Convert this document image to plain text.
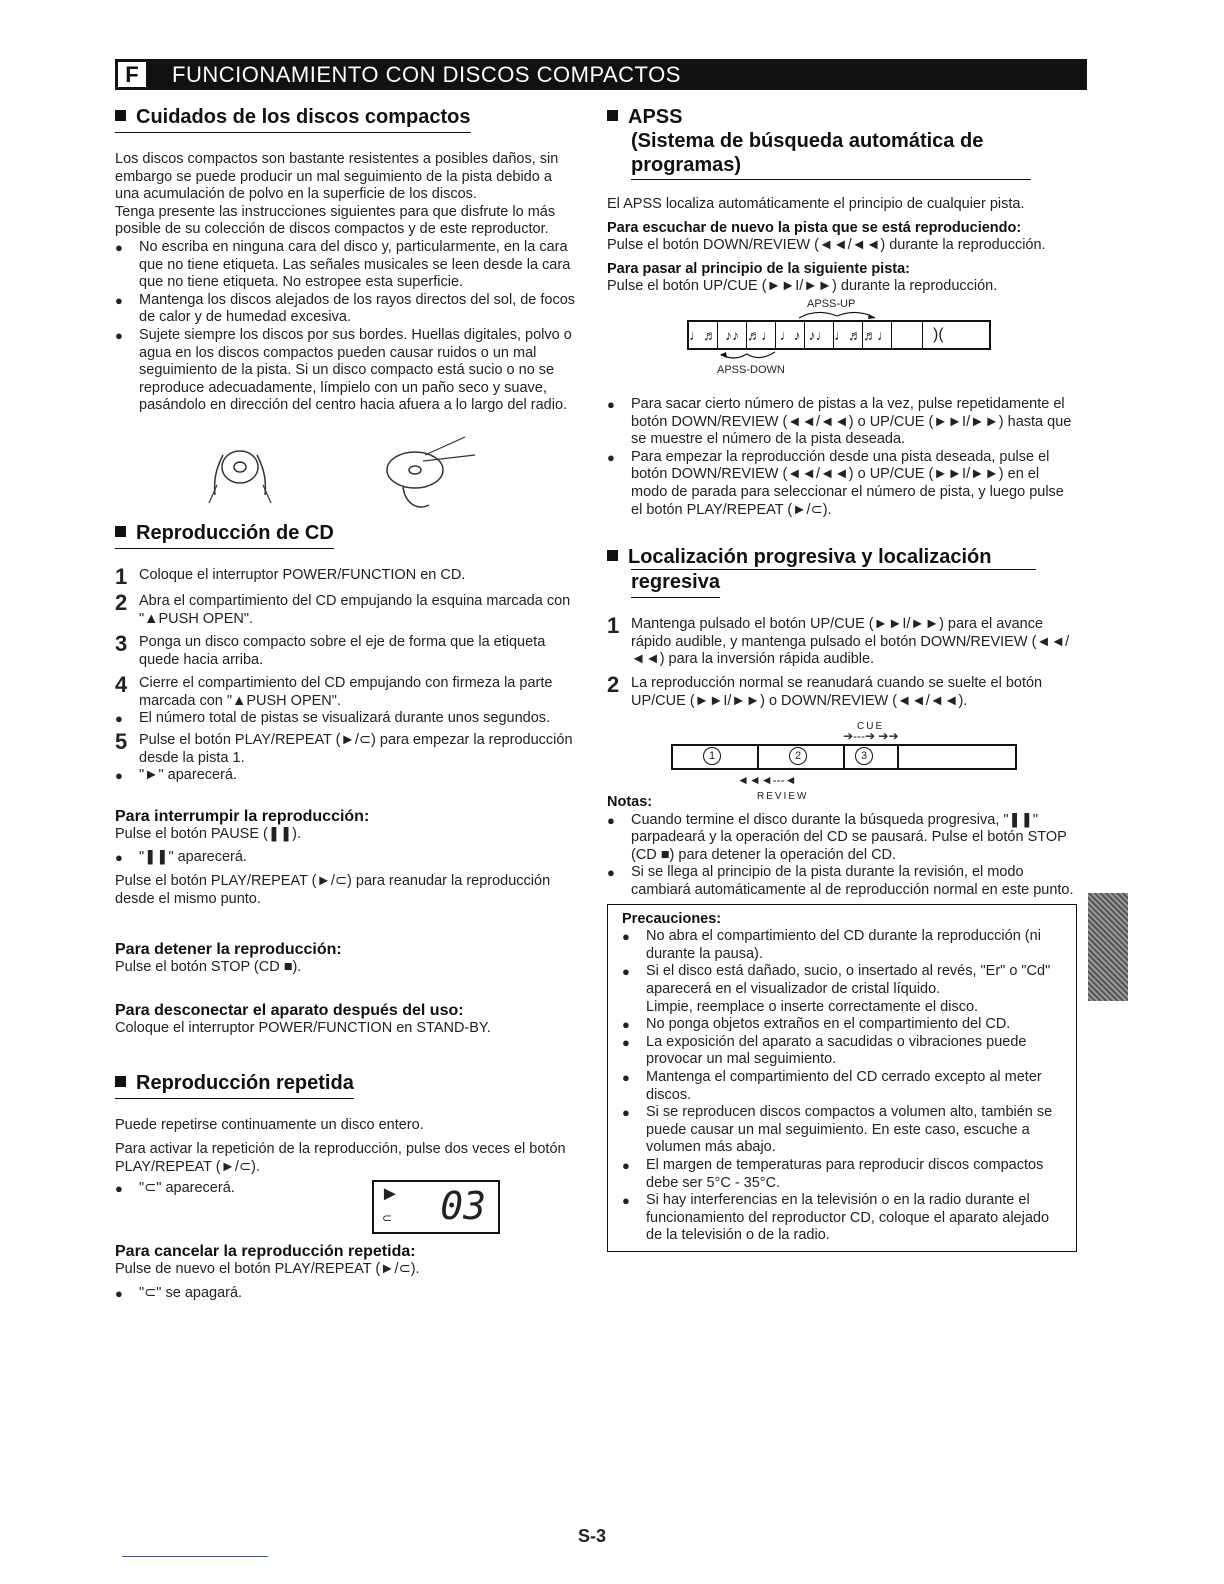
F	FUNCIONAMIENTO CON DISCOS COMPACTOS
Cuidados de los discos compactos

Los discos compactos son bastante resistentes a posibles daños, sin embargo se puede producir un mal seguimiento de la pista debido a una acumulación de polvo en la superficie de los discos.

Tenga presente las instrucciones siguientes para que disfrute lo más posible de su colección de discos compactos y de este reproductor.

●	No escriba en ninguna cara del disco y, particularmente, en la cara que no tiene etiqueta. Las señales musicales se leen desde la cara que no tiene etiqueta. No estropee esta superficie.
●	Mantenga los discos alejados de los rayos directos del sol, de focos de calor y de humedad excesiva.
●	Sujete siempre los discos por sus bordes. Huellas digitales, polvo o agua en los discos compactos pueden causar ruidos o un mal seguimiento de la pista. Si un disco compacto está sucio o no se reproduce adecuadamente, límpielo con un paño seco y suave, pasándolo en dirección del centro hacia afuera a lo largo del radio.
Reproducción de CD
1 Coloque el interruptor POWER/FUNCTION en CD.
2 Abra el compartimiento del CD empujando la esquina marcada con "▲PUSH OPEN".
3 Ponga un disco compacto sobre el eje de forma que la etiqueta quede hacia arriba.
4 Cierre el compartimiento del CD empujando con firmeza la parte marcada con "▲PUSH OPEN".
●	El número total de pistas se visualizará durante unos segundos.
5 Pulse el botón PLAY/REPEAT (►/⊂) para empezar la reproducción desde la pista 1.
●	"►" aparecerá.
Para interrumpir la reproducción:

Pulse el botón PAUSE (❚❚).

●	"❚❚" aparecerá.

Pulse el botón PLAY/REPEAT (►/⊂) para reanudar la reproducción desde el mismo punto.

Para detener la reproducción:

Pulse el botón STOP (CD ■).

Para desconectar el aparato después del uso:

Coloque el interruptor POWER/FUNCTION en STAND-BY.

Reproducción repetida

Puede repetirse continuamente un disco entero.

Para activar la repetición de la reproducción, pulse dos veces el botón PLAY/REPEAT (►/⊂).

●	"⊂" aparecerá.	►
⊂ 03
Para cancelar la reproducción repetida:

Pulse de nuevo el botón PLAY/REPEAT (►/⊂).

●	"⊂" se apagará.
APSS
(Sistema de búsqueda automática de programas)

El APSS localiza automáticamente el principio de cualquier pista.

Para escuchar de nuevo la pista que se está reproduciendo:

Pulse el botón DOWN/REVIEW (◄◄/◄◄) durante la reproducción.

Para pasar al principio de la siguiente pista:

Pulse el botón UP/CUE (►►I/►►) durante la reproducción.

APSS-UP
♩♬ ♪♪ ♬♩ ♩♪ ♪♩ ♩♬ ♬♩	)(
APSS-DOWN
●	Para sacar cierto número de pistas a la vez, pulse repetidamente el botón DOWN/REVIEW (◄◄/◄◄) o UP/CUE (►►I/►►) hasta que se muestre el número de la pista deseada.
●	Para empezar la reproducción desde una pista deseada, pulse el botón DOWN/REVIEW (◄◄/◄◄) o UP/CUE (►►I/►►) en el modo de parada para seleccionar el número de pista, y luego pulse el botón PLAY/REPEAT (►/⊂).
Localización progresiva y localización
regresiva
1 Mantenga pulsado el botón UP/CUE (►►I/►►) para el avance rápido audible, y mantenga pulsado el botón DOWN/REVIEW (◄◄/◄◄) para la inversión rápida audible.
2 La reproducción normal se reanudará cuando se suelte el botón UP/CUE (►►I/►►) o DOWN/REVIEW (◄◄/◄◄).
CUE
➔---➔ ➔➔
1	2	3
◄◄◄---◄
REVIEW
Notas:
●	Cuando termine el disco durante la búsqueda progresiva, "❚❚" parpadeará y la operación del CD se pausará. Pulse el botón STOP (CD ■) para detener la operación del CD.
●	Si se llega al principio de la pista durante la revisión, el modo cambiará automáticamente al de reproducción normal en este punto.
Precauciones:
●	No abra el compartimiento del CD durante la reproducción (ni durante la pausa).
●	Si el disco está dañado, sucio, o insertado al revés, "Er" o "Cd" aparecerá en el visualizador de cristal líquido.

Limpie, reemplace o inserte correctamente el disco.

●	No ponga objetos extraños en el compartimiento del CD.
●	La exposición del aparato a sacudidas o vibraciones puede provocar un mal seguimiento.
●	Mantenga el compartimiento del CD cerrado excepto al meter discos.
●	Si se reproducen discos compactos a volumen alto, también se puede causar un mal seguimiento. En este caso, escuche a volumen más abajo.
●	El margen de temperaturas para reproducir discos compactos debe ser 5°C - 35°C.
●	Si hay interferencias en la televisión o en la radio durante el funcionamiento del reproductor CD, coloque el aparato alejado de la televisión o de la radio.
S-3
